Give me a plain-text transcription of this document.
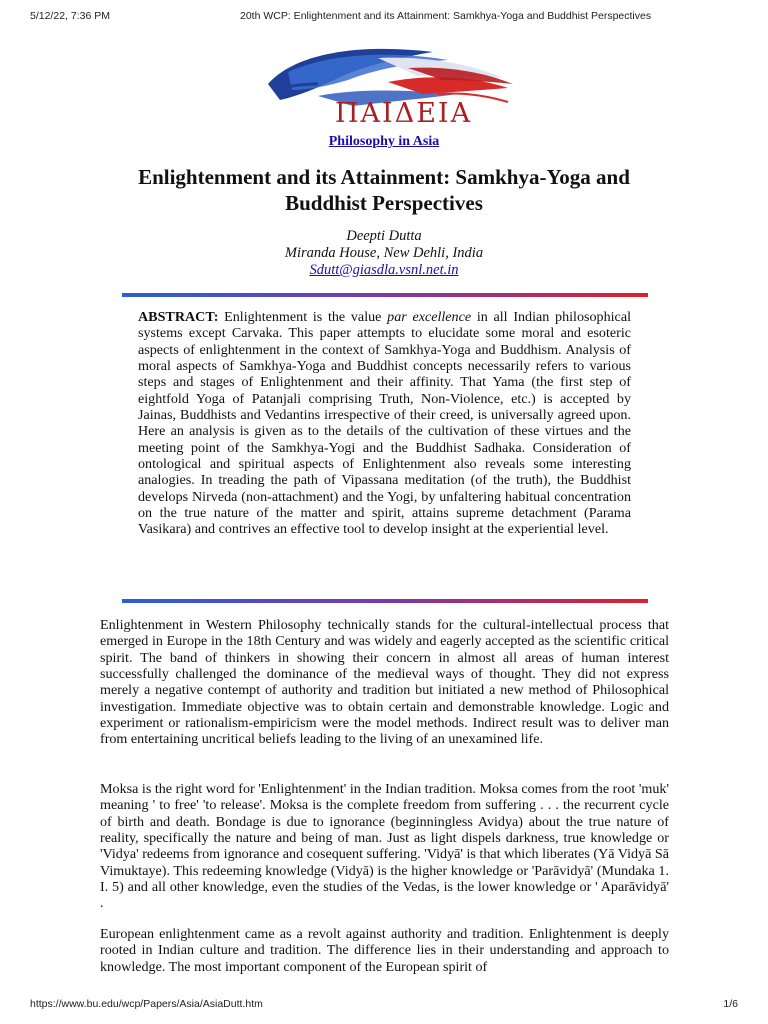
5/12/22, 7:36 PM	20th WCP: Enlightenment and its Attainment: Samkhya-Yoga and Buddhist Perspectives
ΠΑΙΔΕΙΑ
Philosophy in Asia
Enlightenment and its Attainment: Samkhya-Yoga and Buddhist Perspectives
Deepti Dutta
Miranda House, New Dehli, India
Sdutt@giasdla.vsnl.net.in

ABSTRACT: Enlightenment is the value par excellence in all Indian philosophical systems except Carvaka. This paper attempts to elucidate some moral and esoteric aspects of enlightenment in the context of Samkhya-Yoga and Buddhism. Analysis of moral aspects of Samkhya-Yoga and Buddhist concepts necessarily refers to various steps and stages of Enlightenment and their affinity. That Yama (the first step of eightfold Yoga of Patanjali comprising Truth, Non-Violence, etc.) is accepted by Jainas, Buddhists and Vedantins irrespective of their creed, is universally agreed upon. Here an analysis is given as to the details of the cultivation of these virtues and the meeting point of the Samkhya-Yogi and the Buddhist Sadhaka. Consideration of ontological and spiritual aspects of Enlightenment also reveals some interesting analogies. In treading the path of Vipassana meditation (of the truth), the Buddhist develops Nirveda (non-attachment) and the Yogi, by unfaltering habitual concentration on the true nature of the matter and spirit, attains supreme detachment (Parama Vasikara) and contrives an effective tool to develop insight at the experiential level.

Enlightenment in Western Philosophy technically stands for the cultural-intellectual process that emerged in Europe in the 18th Century and was widely and eagerly accepted as the scientific critical spirit. The band of thinkers in showing their concern in almost all areas of human interest successfully challenged the dominance of the medieval ways of thought. They did not express merely a negative contempt of authority and tradition but initiated a new method of Philosophical investigation. Immediate objective was to obtain certain and demonstrable knowledge. Logic and experiment or rationalism-empiricism were the model methods. Indirect result was to deliver man from entertaining uncritical beliefs leading to the living of an unexamined life.

Moksa is the right word for 'Enlightenment' in the Indian tradition. Moksa comes from the root 'muk' meaning ' to free' 'to release'. Moksa is the complete freedom from suffering . . . the recurrent cycle of birth and death. Bondage is due to ignorance (beginningless Avidya) about the true nature of reality, specifically the nature and being of man. Just as light dispels darkness, true knowledge or 'Vidya' redeems from ignorance and cosequent suffering. 'Vidyā' is that which liberates (Yā Vidyā Sā Vimuktaye). This redeeming knowledge (Vidyā) is the higher knowledge or 'Parāvidyā' (Mundaka 1. I. 5) and all other knowledge, even the studies of the Vedas, is the lower knowledge or ' Aparāvidyā' .

European enlightenment came as a revolt against authority and tradition. Enlightenment is deeply rooted in Indian culture and tradition. The difference lies in their understanding and approach to knowledge. The most important component of the European spirit of

https://www.bu.edu/wcp/Papers/Asia/AsiaDutt.htm	1/6
